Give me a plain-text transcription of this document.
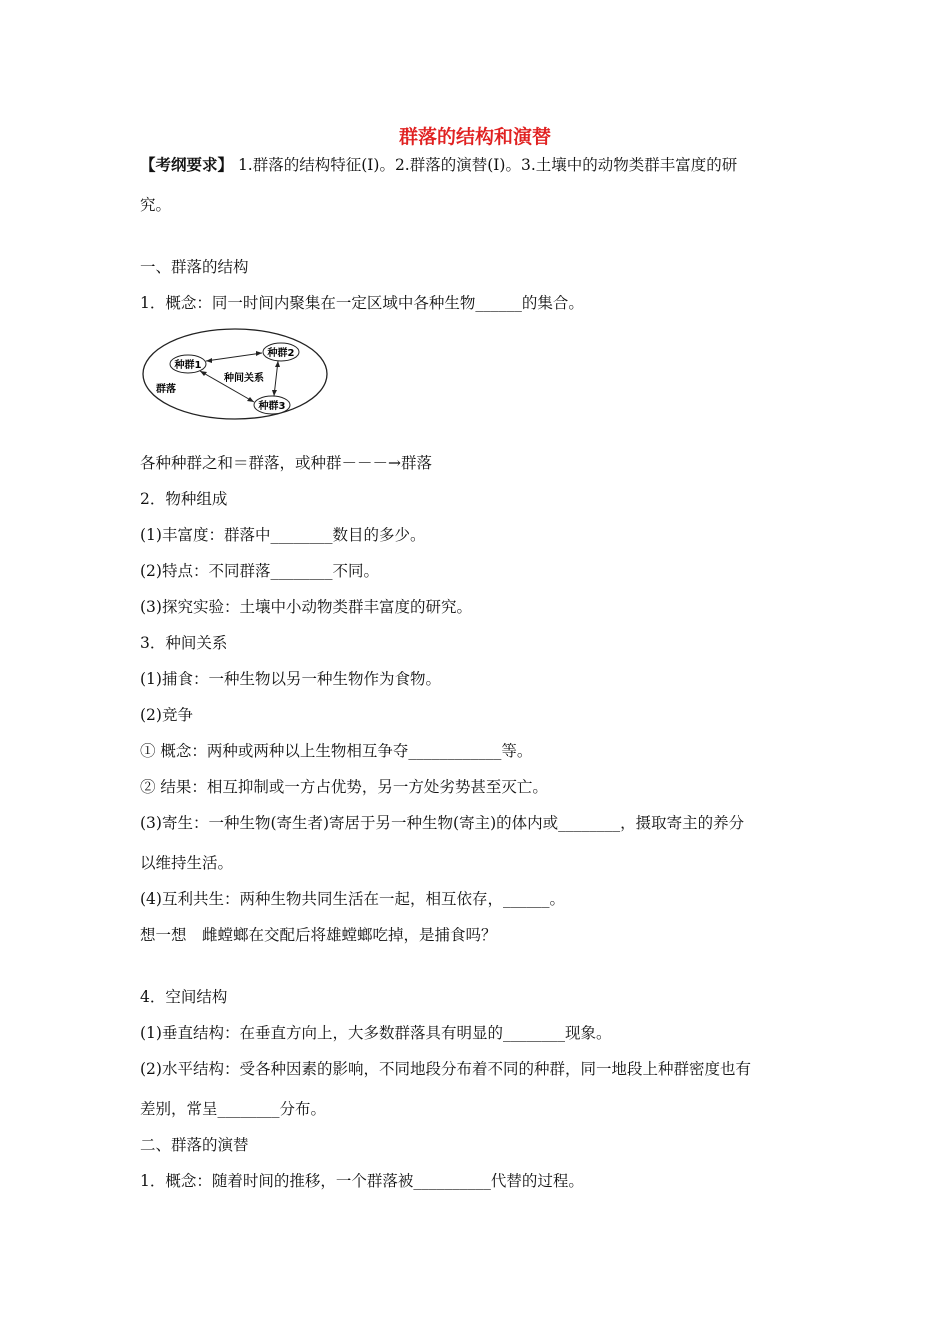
群落的结构和演替
【考纲要求】 1.群落的结构特征(Ⅰ)。2.群落的演替(Ⅰ)。3.土壤中的动物类群丰富度的研
究。
一、群落的结构
1．概念：同一时间内聚集在一定区域中各种生物______的集合。
种群1
种群2
种群3
种间关系
群落
各种种群之和＝群落，或种群－－－→群落
2．物种组成
(1)丰富度：群落中________数目的多少。
(2)特点：不同群落________不同。
(3)探究实验：土壤中小动物类群丰富度的研究。
3．种间关系
(1)捕食：一种生物以另一种生物作为食物。
(2)竞争
① 概念：两种或两种以上生物相互争夺____________等。
② 结果：相互抑制或一方占优势，另一方处劣势甚至灭亡。
(3)寄生：一种生物(寄生者)寄居于另一种生物(寄主)的体内或________，摄取寄主的养分
以维持生活。
(4)互利共生：两种生物共同生活在一起，相互依存，______。
想一想　雌螳螂在交配后将雄螳螂吃掉，是捕食吗？
4．空间结构
(1)垂直结构：在垂直方向上，大多数群落具有明显的________现象。
(2)水平结构：受各种因素的影响，不同地段分布着不同的种群，同一地段上种群密度也有
差别，常呈________分布。
二、群落的演替
1．概念：随着时间的推移，一个群落被__________代替的过程。
